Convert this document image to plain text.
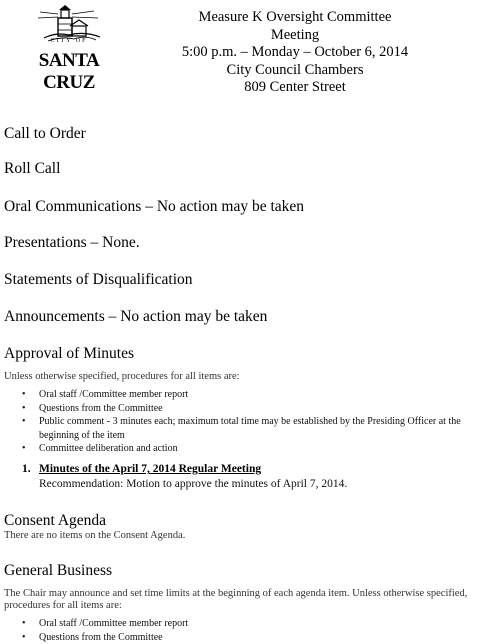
CITY OF
SANTA CRUZ
Measure K Oversight Committee
Meeting
5:00 p.m. – Monday – October 6, 2014
City Council Chambers
809 Center Street
Call to Order
Roll Call
Oral Communications – No action may be taken
Presentations – None.
Statements of Disqualification
Announcements – No action may be taken
Approval of Minutes
Unless otherwise specified, procedures for all items are:
• Oral staff /Committee member report
• Questions from the Committee
• Public comment - 3 minutes each; maximum total time may be established by the Presiding Officer at the
beginning of the item
• Committee deliberation and action
1. Minutes of the April 7, 2014 Regular Meeting
Recommendation: Motion to approve the minutes of April 7, 2014.
Consent Agenda
There are no items on the Consent Agenda.
General Business
The Chair may announce and set time limits at the beginning of each agenda item. Unless otherwise specified,
procedures for all items are:
• Oral staff /Committee member report
• Questions from the Committee
